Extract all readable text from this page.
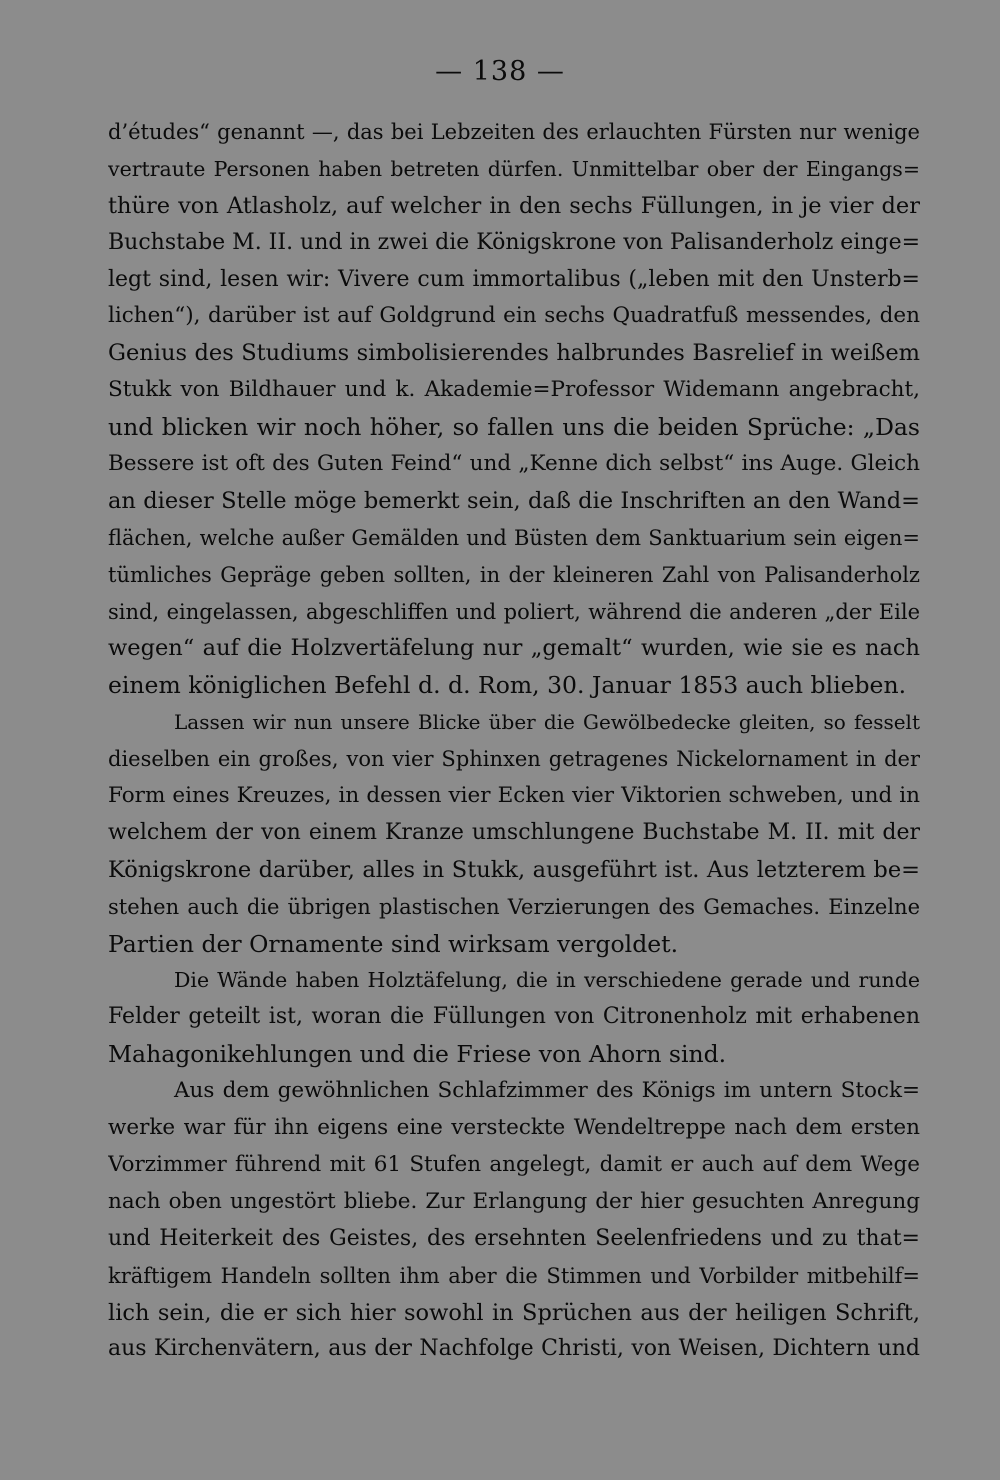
— 138 —
d’études“ genannt —, das bei Lebzeiten des erlauchten Fürsten nur wenige
vertraute Personen haben betreten dürfen. Unmittelbar ober der Eingangs=
thüre von Atlasholz, auf welcher in den sechs Füllungen, in je vier der
Buchstabe M. II. und in zwei die Königskrone von Palisanderholz einge=
legt sind, lesen wir: Vivere cum immortalibus („leben mit den Unsterb=
lichen“), darüber ist auf Goldgrund ein sechs Quadratfuß messendes, den
Genius des Studiums simbolisierendes halbrundes Basrelief in weißem
Stukk von Bildhauer und k. Akademie=Professor Widemann angebracht,
und blicken wir noch höher, so fallen uns die beiden Sprüche: „Das
Bessere ist oft des Guten Feind“ und „Kenne dich selbst“ ins Auge. Gleich
an dieser Stelle möge bemerkt sein, daß die Inschriften an den Wand=
flächen, welche außer Gemälden und Büsten dem Sanktuarium sein eigen=
tümliches Gepräge geben sollten, in der kleineren Zahl von Palisanderholz
sind, eingelassen, abgeschliffen und poliert, während die anderen „der Eile
wegen“ auf die Holzvertäfelung nur „gemalt“ wurden, wie sie es nach
einem königlichen Befehl d. d. Rom, 30. Januar 1853 auch blieben.
Lassen wir nun unsere Blicke über die Gewölbedecke gleiten, so fesselt
dieselben ein großes, von vier Sphinxen getragenes Nickelornament in der
Form eines Kreuzes, in dessen vier Ecken vier Viktorien schweben, und in
welchem der von einem Kranze umschlungene Buchstabe M. II. mit der
Königskrone darüber, alles in Stukk, ausgeführt ist. Aus letzterem be=
stehen auch die übrigen plastischen Verzierungen des Gemaches. Einzelne
Partien der Ornamente sind wirksam vergoldet.
Die Wände haben Holztäfelung, die in verschiedene gerade und runde
Felder geteilt ist, woran die Füllungen von Citronenholz mit erhabenen
Mahagonikehlungen und die Friese von Ahorn sind.
Aus dem gewöhnlichen Schlafzimmer des Königs im untern Stock=
werke war für ihn eigens eine versteckte Wendeltreppe nach dem ersten
Vorzimmer führend mit 61 Stufen angelegt, damit er auch auf dem Wege
nach oben ungestört bliebe. Zur Erlangung der hier gesuchten Anregung
und Heiterkeit des Geistes, des ersehnten Seelenfriedens und zu that=
kräftigem Handeln sollten ihm aber die Stimmen und Vorbilder mitbehilf=
lich sein, die er sich hier sowohl in Sprüchen aus der heiligen Schrift,
aus Kirchenvätern, aus der Nachfolge Christi, von Weisen, Dichtern und
